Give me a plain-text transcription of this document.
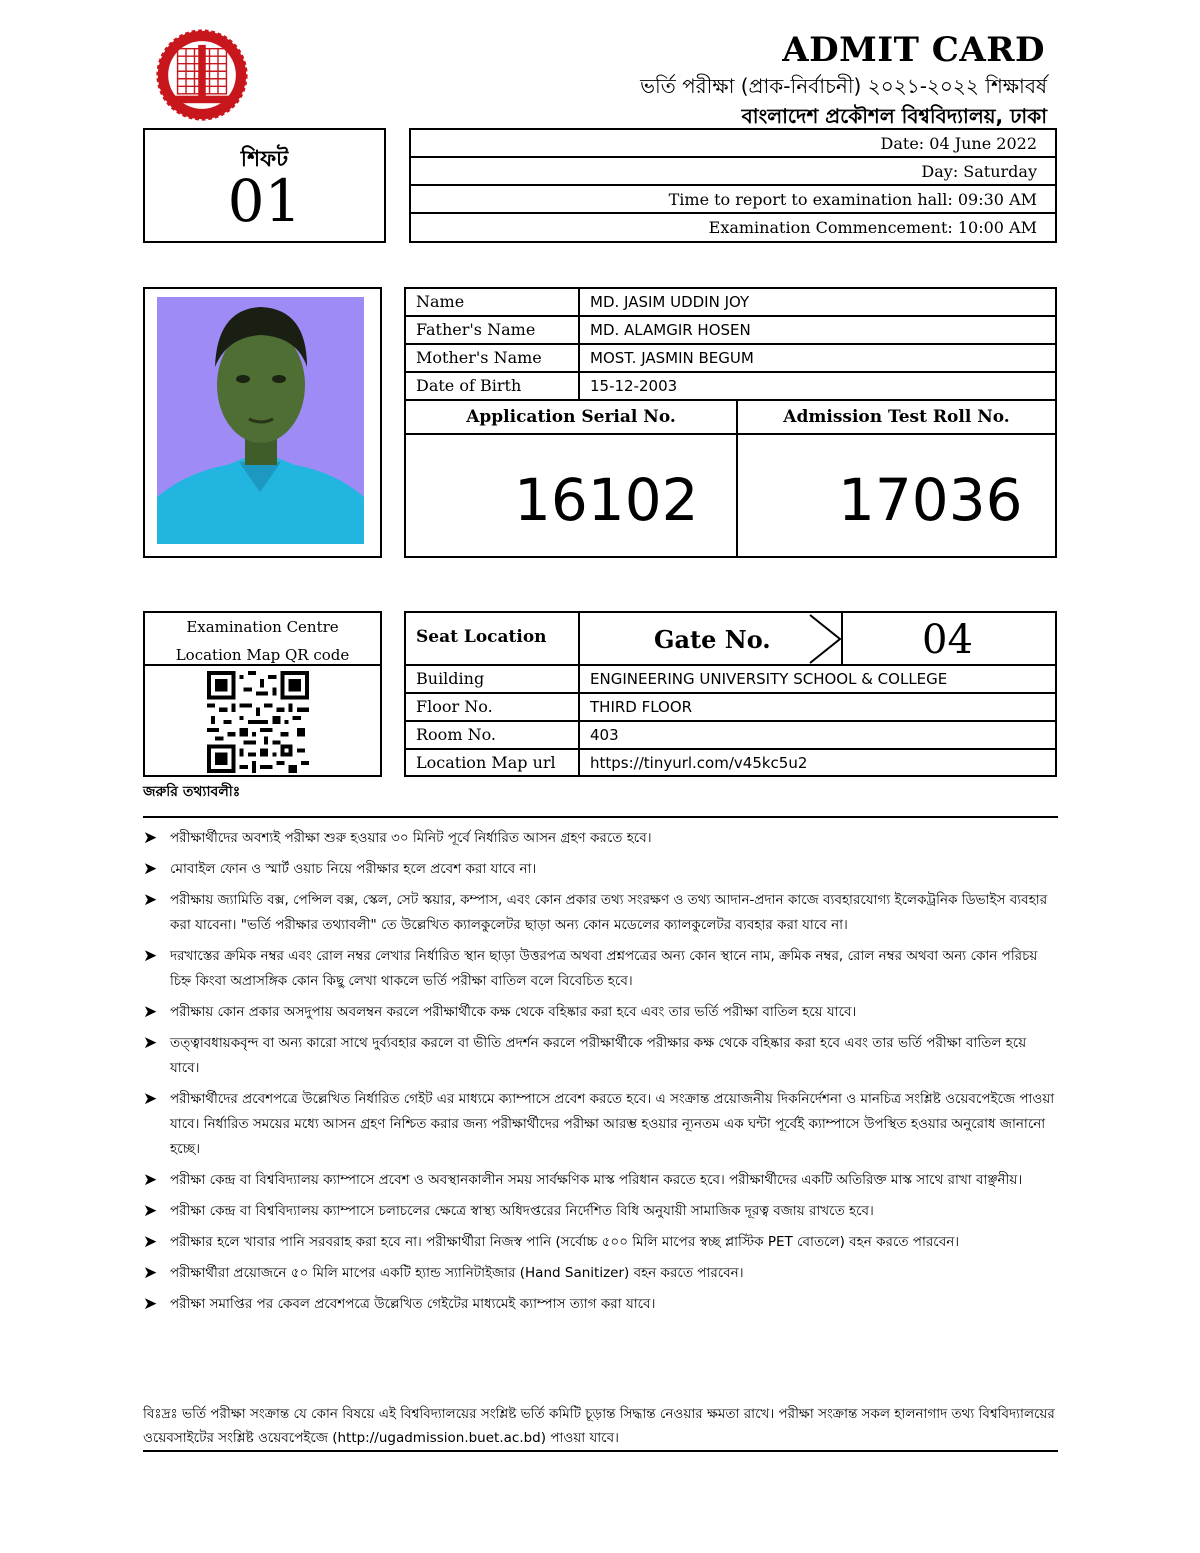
ADMIT CARD
ভর্তি পরীক্ষা (প্রাক-নির্বাচনী) ২০২১-২০২২ শিক্ষাবর্ষ
বাংলাদেশ প্রকৌশল বিশ্ববিদ্যালয়, ঢাকা
শিফট
01
Date: 04 June 2022
Day: Saturday
Time to report to examination hall: 09:30 AM
Examination Commencement: 10:00 AM
Name	MD. JASIM UDDIN JOY
Father's Name	MD. ALAMGIR HOSEN
Mother's Name	MOST. JASMIN BEGUM
Date of Birth	15-12-2003
Application Serial No.	Admission Test Roll No.
16102 17036
Examination Centre
Location Map QR code
Seat Location	Gate No.	04
Building	ENGINEERING UNIVERSITY SCHOOL & COLLEGE
Floor No.	THIRD FLOOR
Room No.	403
Location Map url https://tinyurl.com/v45kc5u2
জরুরি তথ্যাবলীঃ
➤ পরীক্ষার্থীদের অবশ্যই পরীক্ষা শুরু হওয়ার ৩০ মিনিট পূর্বে নির্ধারিত আসন গ্রহণ করতে হবে।
➤ মোবাইল ফোন ও স্মার্ট ওয়াচ নিয়ে পরীক্ষার হলে প্রবেশ করা যাবে না।
➤ পরীক্ষায় জ্যামিতি বক্স, পেন্সিল বক্স, স্কেল, সেট স্কয়ার, কম্পাস, এবং কোন প্রকার তথ্য সংরক্ষণ ও তথ্য আদান-প্রদান কাজে ব্যবহারযোগ্য ইলেকট্রনিক ডিভাইস ব্যবহার করা যাবেনা। "ভর্তি পরীক্ষার তথ্যাবলী" তে উল্লেখিত ক্যালকুলেটর ছাড়া অন্য কোন মডেলের ক্যালকুলেটর ব্যবহার করা যাবে না।
➤ দরখাস্তের ক্রমিক নম্বর এবং রোল নম্বর লেখার নির্ধারিত স্থান ছাড়া উত্তরপত্র অথবা প্রশ্নপত্রের অন্য কোন স্থানে নাম, ক্রমিক নম্বর, রোল নম্বর অথবা অন্য কোন পরিচয় চিহ্ন কিংবা অপ্রাসঙ্গিক কোন কিছু লেখা থাকলে ভর্তি পরীক্ষা বাতিল বলে বিবেচিত হবে।
➤ পরীক্ষায় কোন প্রকার অসদুপায় অবলম্বন করলে পরীক্ষার্থীকে কক্ষ থেকে বহিষ্কার করা হবে এবং তার ভর্তি পরীক্ষা বাতিল হয়ে যাবে।
➤ তত্ত্বাবধায়কবৃন্দ বা অন্য কারো সাথে দুর্ব্যবহার করলে বা ভীতি প্রদর্শন করলে পরীক্ষার্থীকে পরীক্ষার কক্ষ থেকে বহিষ্কার করা হবে এবং তার ভর্তি পরীক্ষা বাতিল হয়ে যাবে।
➤ পরীক্ষার্থীদের প্রবেশপত্রে উল্লেখিত নির্ধারিত গেইট এর মাধ্যমে ক্যাম্পাসে প্রবেশ করতে হবে। এ সংক্রান্ত প্রয়োজনীয় দিকনির্দেশনা ও মানচিত্র সংশ্লিষ্ট ওয়েবপেইজে পাওয়া যাবে। নির্ধারিত সময়ের মধ্যে আসন গ্রহণ নিশ্চিত করার জন্য পরীক্ষার্থীদের পরীক্ষা আরম্ভ হওয়ার ন্যূনতম এক ঘন্টা পূর্বেই ক্যাম্পাসে উপস্থিত হওয়ার অনুরোধ জানানো হচ্ছে।
➤ পরীক্ষা কেন্দ্র বা বিশ্ববিদ্যালয় ক্যাম্পাসে প্রবেশ ও অবস্থানকালীন সময় সার্বক্ষণিক মাস্ক পরিধান করতে হবে। পরীক্ষার্থীদের একটি অতিরিক্ত মাস্ক সাথে রাখা বাঞ্ছনীয়।
➤ পরীক্ষা কেন্দ্র বা বিশ্ববিদ্যালয় ক্যাম্পাসে চলাচলের ক্ষেত্রে স্বাস্থ্য অধিদপ্তরের নির্দেশিত বিধি অনুযায়ী সামাজিক দূরত্ব বজায় রাখতে হবে।
➤ পরীক্ষার হলে খাবার পানি সরবরাহ করা হবে না। পরীক্ষার্থীরা নিজস্ব পানি (সর্বোচ্চ ৫০০ মিলি মাপের স্বচ্ছ প্লাস্টিক PET বোতলে) বহন করতে পারবেন।
➤ পরীক্ষার্থীরা প্রয়োজনে ৫০ মিলি মাপের একটি হ্যান্ড স্যানিটাইজার (Hand Sanitizer) বহন করতে পারবেন।
➤ পরীক্ষা সমাপ্তির পর কেবল প্রবেশপত্রে উল্লেখিত গেইটের মাধ্যমেই ক্যাম্পাস ত্যাগ করা যাবে।
বিঃদ্রঃ ভর্তি পরীক্ষা সংক্রান্ত যে কোন বিষয়ে এই বিশ্ববিদ্যালয়ের সংশ্লিষ্ট ভর্তি কমিটি চূড়ান্ত সিদ্ধান্ত নেওয়ার ক্ষমতা রাখে। পরীক্ষা সংক্রান্ত সকল হালনাগাদ তথ্য বিশ্ববিদ্যালয়ের ওয়েবসাইটের সংশ্লিষ্ট ওয়েবপেইজে (http://ugadmission.buet.ac.bd) পাওয়া যাবে।
